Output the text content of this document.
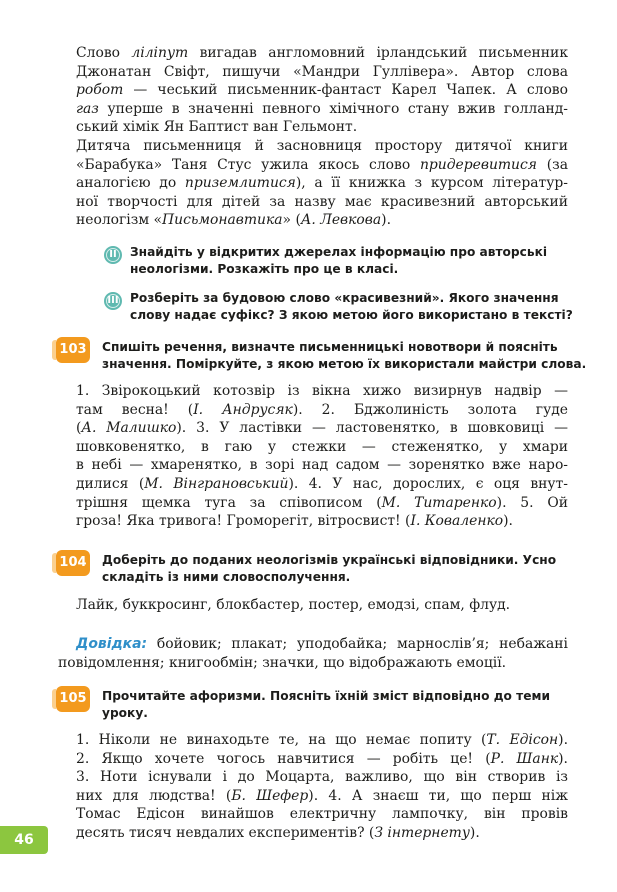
Слово ліліпут вигадав англомовний ірландський письменник
Джонатан Свіфт, пишучи «Мандри Гуллівера». Автор слова
робот — чеський письменник-фантаст Карел Чапек. А слово
газ уперше в значенні певного хімічного стану вжив голланд-
ський хімік Ян Баптист ван Гельмонт.
Дитяча письменниця й засновниця простору дитячої книги
«Барабука» Таня Стус ужила якось слово придеревитися (за
аналогією до приземлитися), а її книжка з курсом літератур-
ної творчості для дітей за назву має красивезний авторський
неологізм «Письмонавтика» (А. Левкова).
II	Знайдіть у відкритих джерелах інформацію про авторські
неологізми. Розкажіть про це в класі.
III Розберіть за будовою слово «красивезний». Якого значення
слову надає суфікс? З якою метою його використано в тексті?
103 Спишіть речення, визначте письменницькі новотвори й поясніть
значення. Поміркуйте, з якою метою їх використали майстри слова.
1. Звірокоцький котозвір із вікна хижо визирнув надвір —
там весна! (І. Андрусяк). 2. Бджолиність золота гуде
(А. Малишко). 3. У ластівки — ластовенятко, в шовковиці —
шовковенятко, в гаю у стежки — стеженятко, у хмари
в небі — хмаренятко, в зорі над садом — зоренятко вже наро-
дилися (М. Вінграновський). 4. У нас, дорослих, є оця внут-
трішня щемка туга за співописом (М. Титаренко). 5. Ой
гроза! Яка тривога! Громорегіт, вітросвист! (І. Коваленко).
104 Доберіть до поданих неологізмів українські відповідники. Усно
складіть із ними словосполучення.
Лайк, буккросинг, блокбастер, постер, емодзі, спам, флуд.
Довідка: бойовик; плакат; уподобайка; марнослів’я; небажані
повідомлення; книгообмін; значки, що відображають емоції.
105 Прочитайте афоризми. Поясніть їхній зміст відповідно до теми
уроку.
1. Ніколи не винаходьте те, на що немає попиту (Т. Едісон).
2. Якщо хочете чогось навчитися — робіть це! (Р. Шанк).
3. Ноти існували і до Моцарта, важливо, що він створив із
них для людства! (Б. Шефер). 4. А знаєш ти, що перш ніж
Томас Едісон винайшов електричну лампочку, він провів
десять тисяч невдалих експериментів? (З інтернету).
46
